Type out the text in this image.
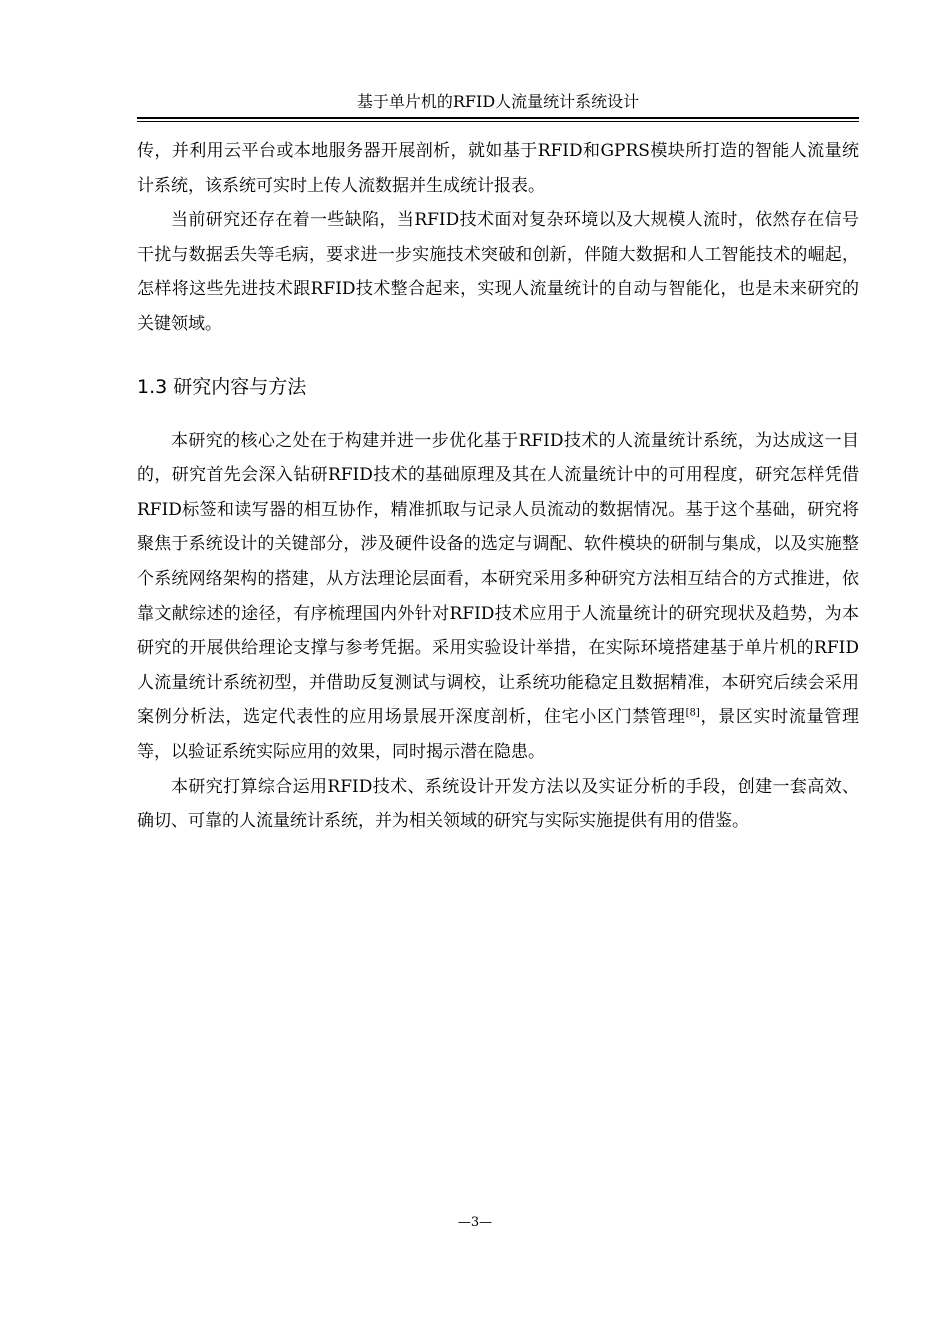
基于单片机的RFID人流量统计系统设计

传，并利用云平台或本地服务器开展剖析，就如基于RFID和GPRS模块所打造的智能人流量统计系统，该系统可实时上传人流数据并生成统计报表。

当前研究还存在着一些缺陷，当RFID技术面对复杂环境以及大规模人流时，依然存在信号干扰与数据丢失等毛病，要求进一步实施技术突破和创新，伴随大数据和人工智能技术的崛起，怎样将这些先进技术跟RFID技术整合起来，实现人流量统计的自动与智能化，也是未来研究的关键领域。

1.3 研究内容与方法

本研究的核心之处在于构建并进一步优化基于RFID技术的人流量统计系统，为达成这一目的，研究首先会深入钻研RFID技术的基础原理及其在人流量统计中的可用程度，研究怎样凭借RFID标签和读写器的相互协作，精准抓取与记录人员流动的数据情况。基于这个基础，研究将聚焦于系统设计的关键部分，涉及硬件设备的选定与调配、软件模块的研制与集成，以及实施整个系统网络架构的搭建，从方法理论层面看，本研究采用多种研究方法相互结合的方式推进，依靠文献综述的途径，有序梳理国内外针对RFID技术应用于人流量统计的研究现状及趋势，为本研究的开展供给理论支撑与参考凭据。采用实验设计举措，在实际环境搭建基于单片机的RFID人流量统计系统初型，并借助反复测试与调校，让系统功能稳定且数据精准，本研究后续会采用案例分析法，选定代表性的应用场景展开深度剖析，住宅小区门禁管理[8]，景区实时流量管理等，以验证系统实际应用的效果，同时揭示潜在隐患。

本研究打算综合运用RFID技术、系统设计开发方法以及实证分析的手段，创建一套高效、确切、可靠的人流量统计系统，并为相关领域的研究与实际实施提供有用的借鉴。

—3—
